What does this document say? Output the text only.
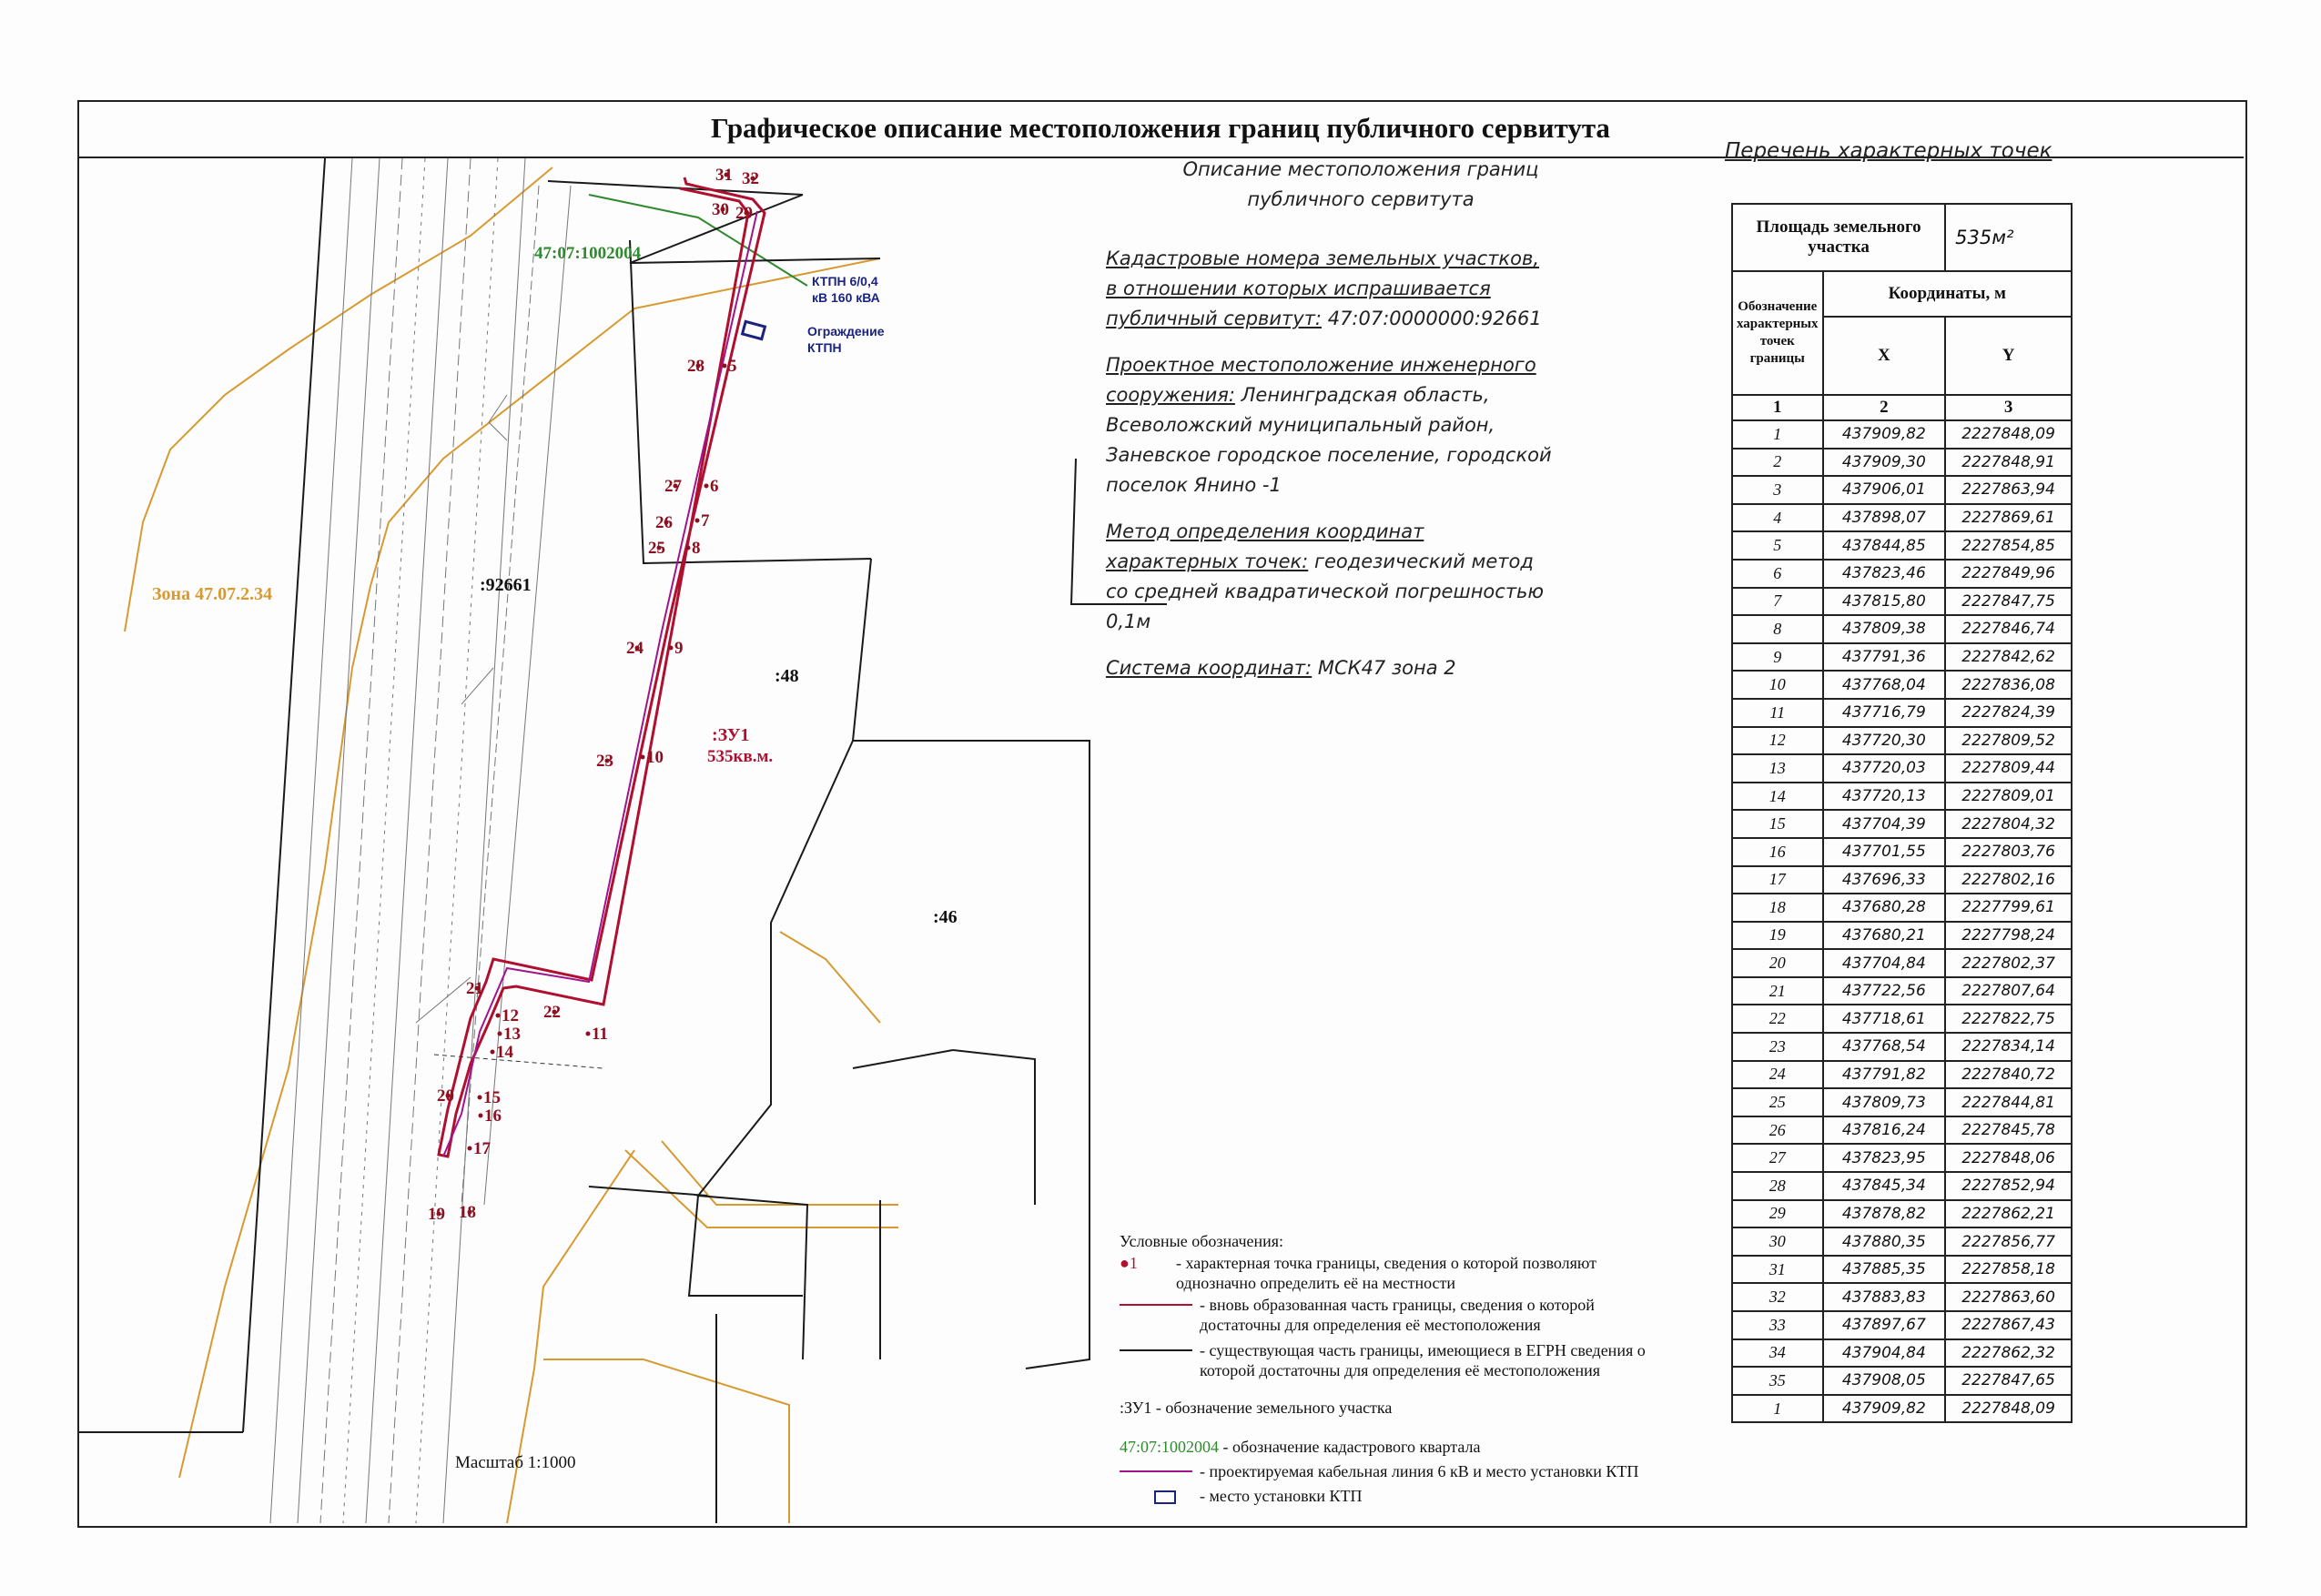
Графическое описание местоположения границ публичного сервитута
47:07:1002004
Зона 47.07.2.34	:92661
:48
:46
:ЗУ1
535кв.м.
КТПН 6/0,4
кВ 160 кВА
Ограждение
КТПН
5
6
7
8
9
10
11
12
13
14
15
16
17
18
19
20
21
22
23
24
25
26
27
28
29
30
31 32
Масштаб 1:1000
Описание местоположения границ
публичного сервитута
Кадастровые номера земельных участков,
в отношении которых испрашивается
публичный сервитут: 47:07:0000000:92661
Проектное местоположение инженерного
сооружения: Ленинградская область,
Всеволожский муниципальный район,
Заневское городское поселение, городской
поселок Янино -1
Метод определения координат
характерных точек: геодезический метод
со средней квадратической погрешностью
0,1м
Система координат: МСК47 зона 2
Перечень характерных точек
Площадь земельного участка		535м²
Обозначение характерных точек границы	Координаты, м	
	X	Y
1	2	3
1	437909,82	2227848,09
2	437909,30	2227848,91
3	437906,01	2227863,94
4	437898,07	2227869,61
5	437844,85	2227854,85
6	437823,46	2227849,96
7	437815,80	2227847,75
8	437809,38	2227846,74
9	437791,36	2227842,62
10	437768,04	2227836,08
11	437716,79	2227824,39
12	437720,30	2227809,52
13	437720,03	2227809,44
14	437720,13	2227809,01
15	437704,39	2227804,32
16	437701,55	2227803,76
17	437696,33	2227802,16
18	437680,28	2227799,61
19	437680,21	2227798,24
20	437704,84	2227802,37
21	437722,56	2227807,64
22	437718,61	2227822,75
23	437768,54	2227834,14
24	437791,82	2227840,72
25	437809,73	2227844,81
26	437816,24	2227845,78
27	437823,95	2227848,06
28	437845,34	2227852,94
29	437878,82	2227862,21
30	437880,35	2227856,77
31	437885,35	2227858,18
32	437883,83	2227863,60
33	437897,67	2227867,43
34	437904,84	2227862,32
35	437908,05	2227847,65
1	437909,82	2227848,09
Условные обозначения:
●1 - характерная точка границы, сведения о которой позволяют
однозначно определить её на местности
- вновь образованная часть границы, сведения о которой
достаточны для определения её местоположения
- существующая часть границы, имеющиеся в ЕГРН сведения о
которой достаточны для определения её местоположения
:ЗУ1 - обозначение земельного участка
47:07:1002004 - обозначение кадастрового квартала
- проектируемая кабельная линия 6 кВ и место установки КТП
- место установки КТП
